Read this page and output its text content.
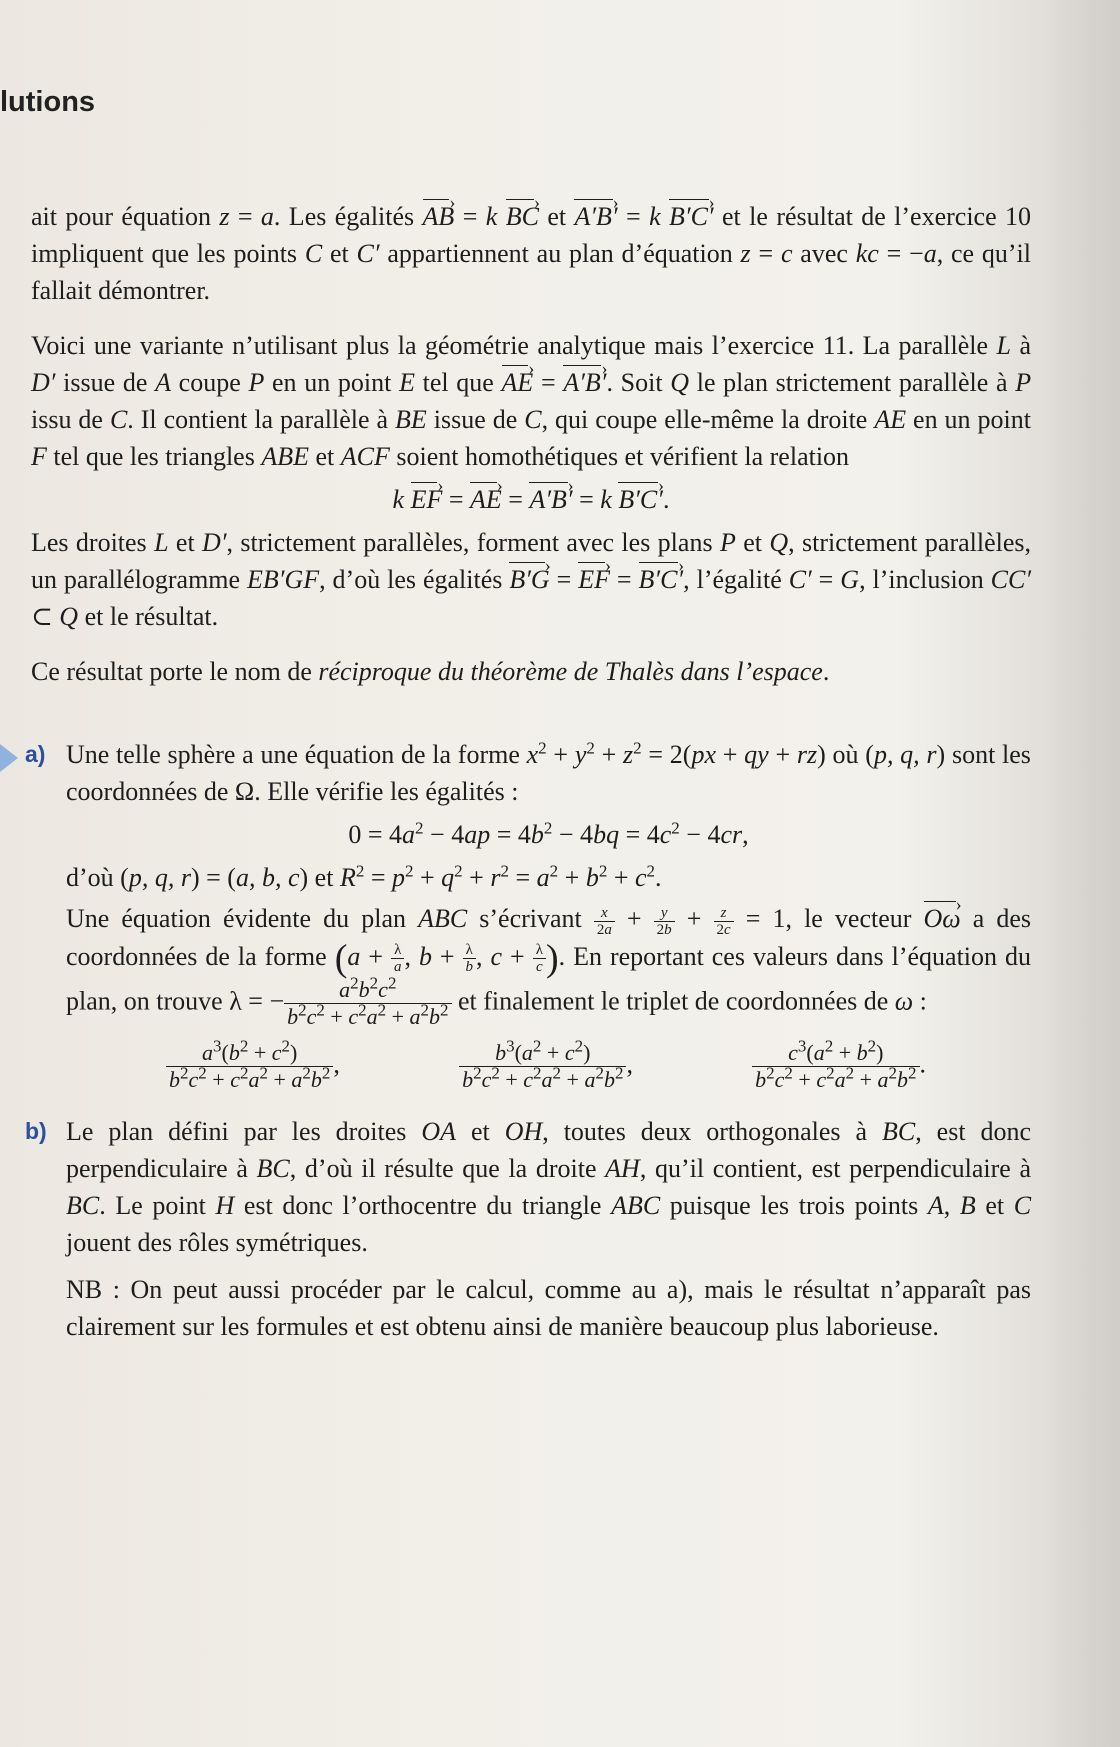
lutions

ait pour équation z = a. Les égalités AB › = k BC › et A′B′ › = k B′C′ › et le résultat de l’exercice 10 impliquent que les points C et C′ appartiennent au plan d’équation z = c avec kc = −a, ce qu’il fallait démontrer.

Voici une variante n’utilisant plus la géométrie analytique mais l’exercice 11. La parallèle L à D′ issue de A coupe P en un point E tel que AE › = A′B′ ›. Soit Q le plan strictement parallèle à P issu de C. Il contient la parallèle à BE issue de C, qui coupe elle-même la droite AE en un point F tel que les triangles ABE et ACF soient homothétiques et vérifient la relation

k EF › = AE › = A′B′ › = k B′C′ ›.

Les droites L et D′, strictement parallèles, forment avec les plans P et Q, strictement parallèles, un parallélogramme EB′GF, d’où les égalités B′G › = EF › = B′C′ ›, l’égalité C′ = G, l’inclusion CC′ ⊂ Q et le résultat.

Ce résultat porte le nom de réciproque du théorème de Thalès dans l’espace.

a) Une telle sphère a une équation de la forme $x^2 + y^2 + z^2 = 2(px$ + qy + rz) où (p, q, r) sont les coordonnées de Ω. Elle vérifie les égalités :

$0 = 4a^2 - 4ap = 4b^2 - 4bq = 4c^2 - 4cr$,

d’où (p, q, r) = (a, b, c) et $R^2 = p^2 + q^2 + r^2 = a^2 + b^2 + c^2$.

Une équation évidente du plan ABC s’écrivant $\frac{x}{2a} + \frac{y}{2b} + \frac{z}{2c} = 1$, le vecteur Oω › a des coordonnées de la forme ($a + \frac{\lambda}{a}$ , $b + \frac{\lambda}{b}$ , $c + \frac{\lambda}{c}$ ). En reportant ces valeurs dans l’équation du plan, on trouve λ = − $\frac{a^2b^2c^2}{b^2c^2 + c^2a^2 + a^2b^2}$ et finalement le triplet de coordonnées de ω :

$\frac{a^3(b^2 + c^2)}{b^2c^2 + c^2a^2 + a^2b^2}$ ,	$\frac{b^3(a^2 + c^2)}{b^2c^2 + c^2a^2 + a^2b^2}$ ,	$\frac{c^3(a^2 + b^2)}{b^2c^2 + c^2a^2 + a^2b^2}$ .
b) Le plan défini par les droites OA et OH, toutes deux orthogonales à BC, est donc perpendiculaire à BC, d’où il résulte que la droite AH, qu’il contient, est perpendiculaire à BC. Le point H est donc l’orthocentre du triangle ABC puisque les trois points A, B et C jouent des rôles symétriques.

NB : On peut aussi procéder par le calcul, comme au a), mais le résultat n’apparaît pas clairement sur les formules et est obtenu ainsi de manière beaucoup plus laborieuse.
